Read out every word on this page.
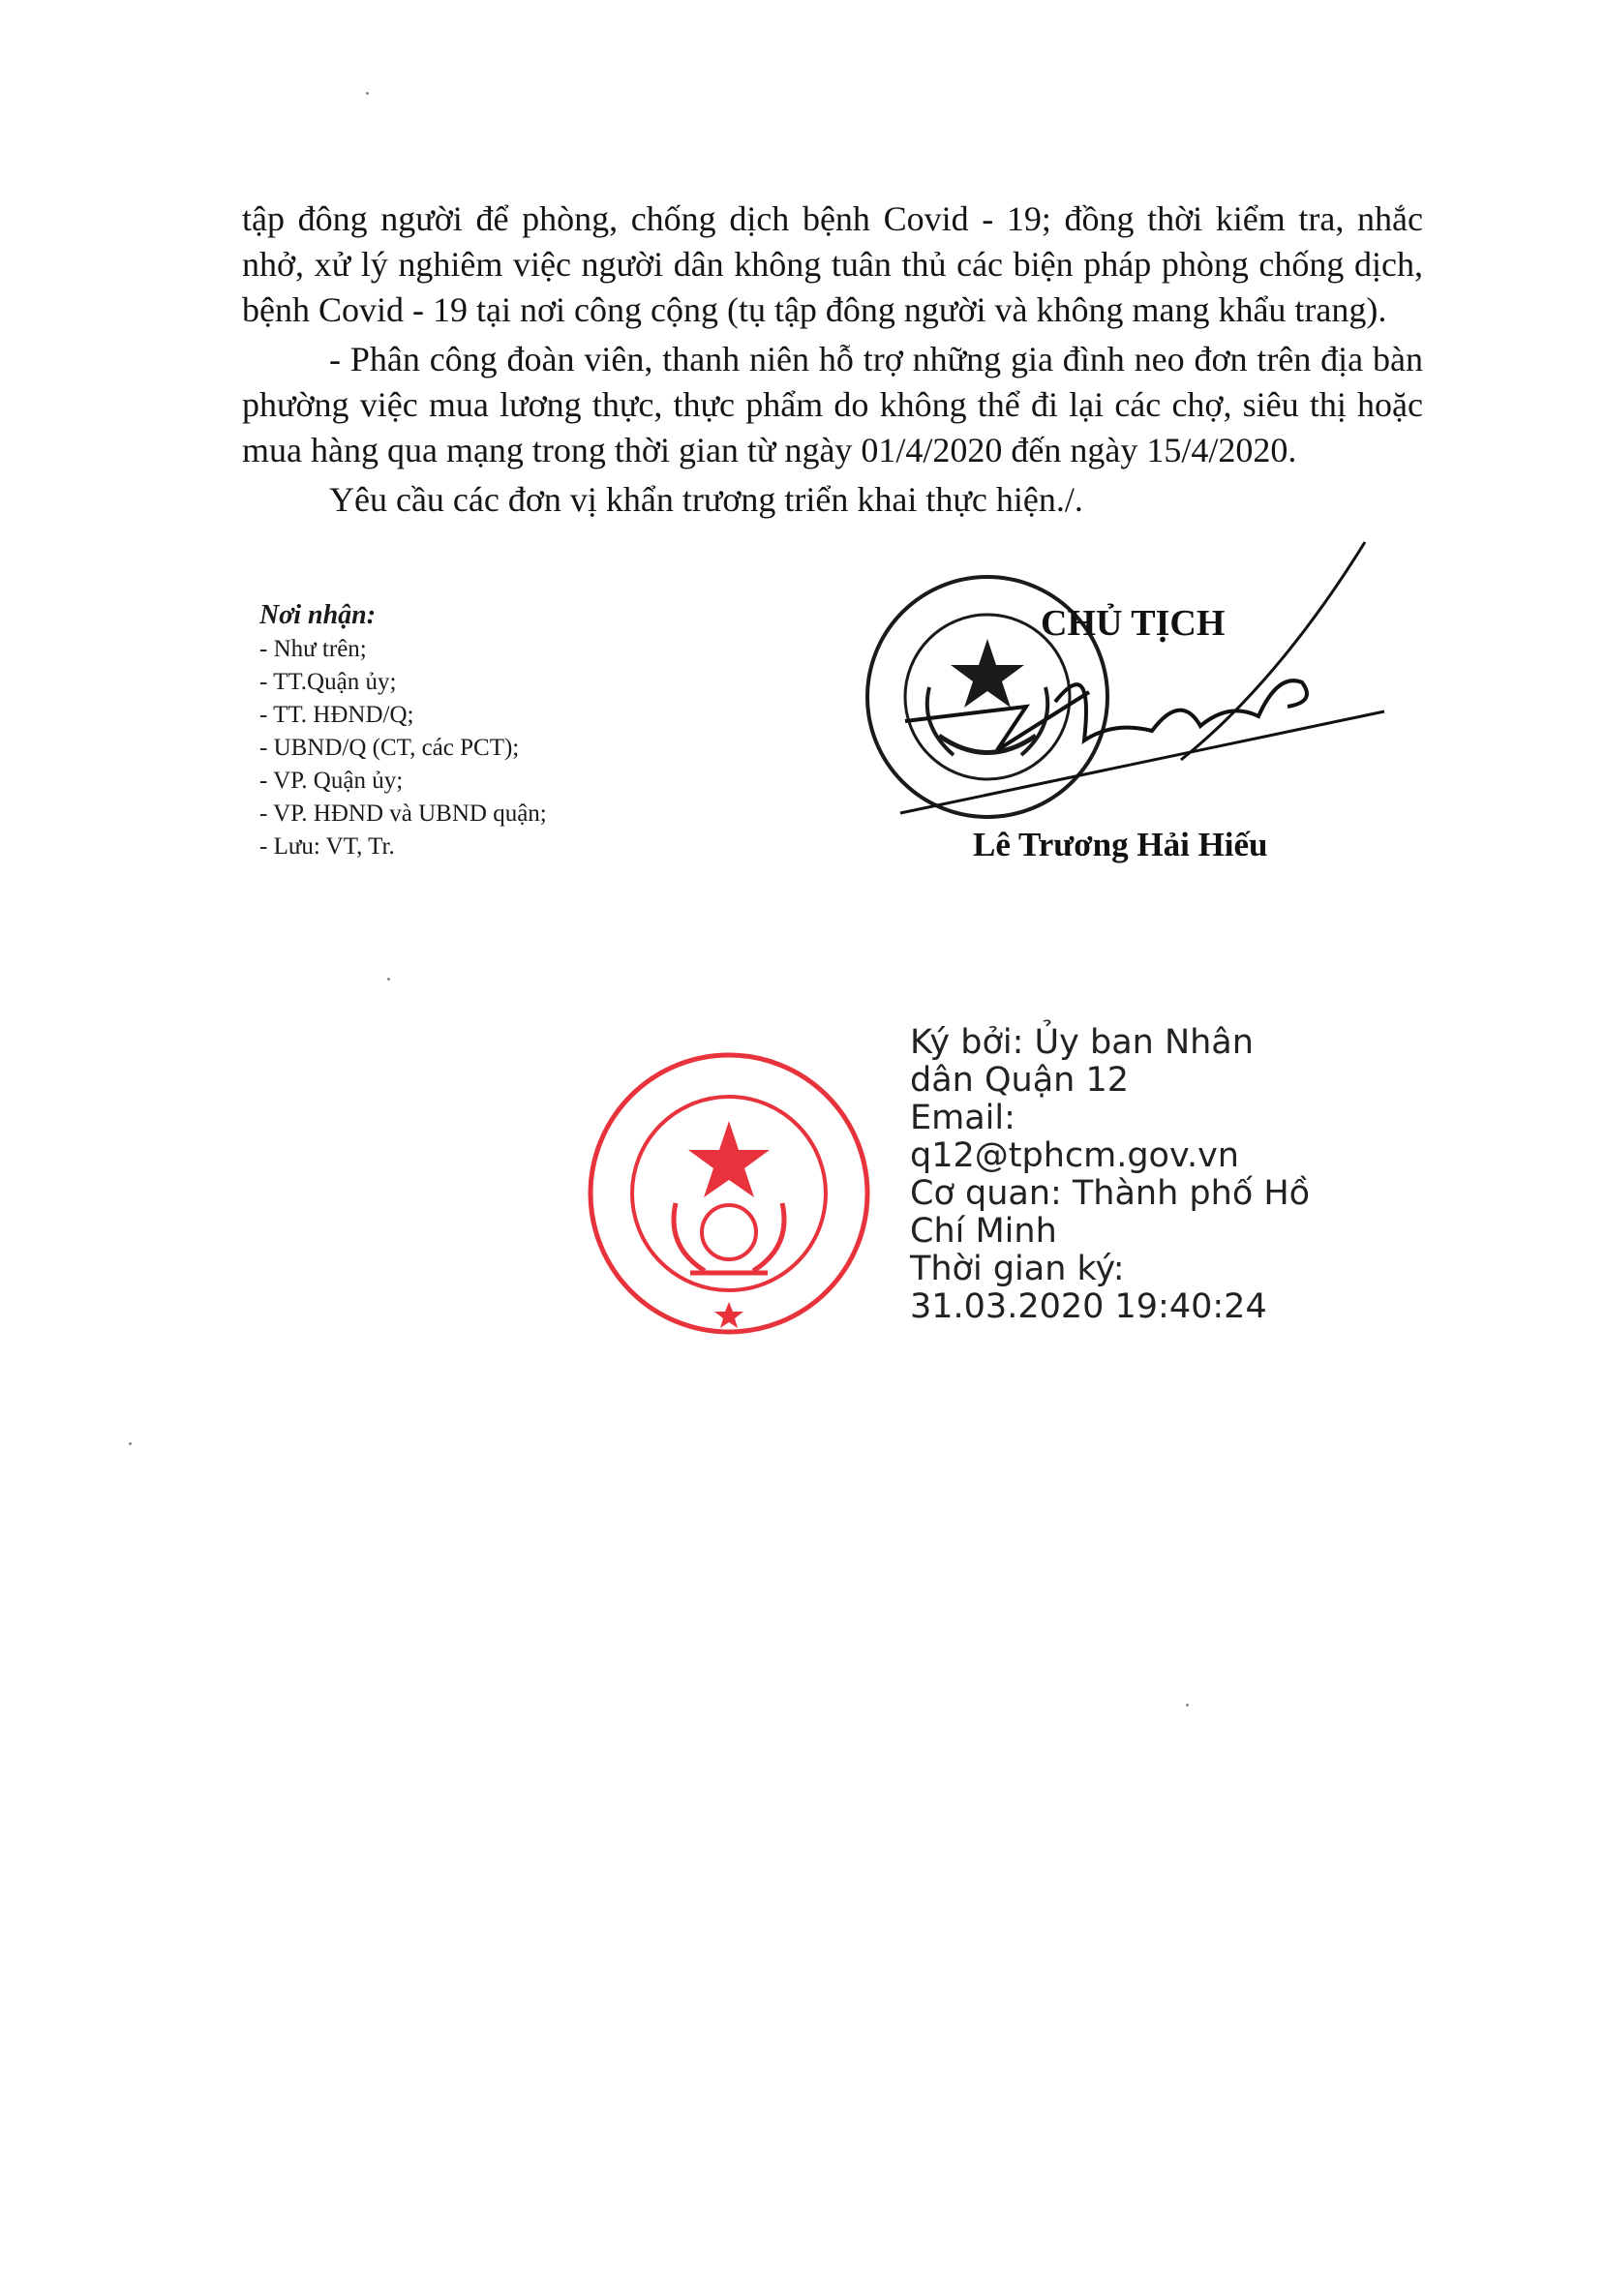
tập đông người để phòng, chống dịch bệnh Covid - 19; đồng thời kiểm tra, nhắc nhở, xử lý nghiêm việc người dân không tuân thủ các biện pháp phòng chống dịch, bệnh Covid - 19 tại nơi công cộng (tụ tập đông người và không mang khẩu trang).

- Phân công đoàn viên, thanh niên hỗ trợ những gia đình neo đơn trên địa bàn phường việc mua lương thực, thực phẩm do không thể đi lại các chợ, siêu thị hoặc mua hàng qua mạng trong thời gian từ ngày 01/4/2020 đến ngày 15/4/2020.

Yêu cầu các đơn vị khẩn trương triển khai thực hiện./.

Nơi nhận:
- Như trên;
- TT.Quận ủy;
- TT. HĐND/Q;
- UBND/Q (CT, các PCT);
- VP. Quận ủy;
- VP. HĐND và UBND quận;
- Lưu: VT, Tr.
CHỦ TỊCH
Lê Trương Hải Hiếu
Ký bởi: Ủy ban Nhân
dân Quận 12
Email:
q12@tphcm.gov.vn
Cơ quan: Thành phố Hồ
Chí Minh
Thời gian ký:
31.03.2020 19:40:24
